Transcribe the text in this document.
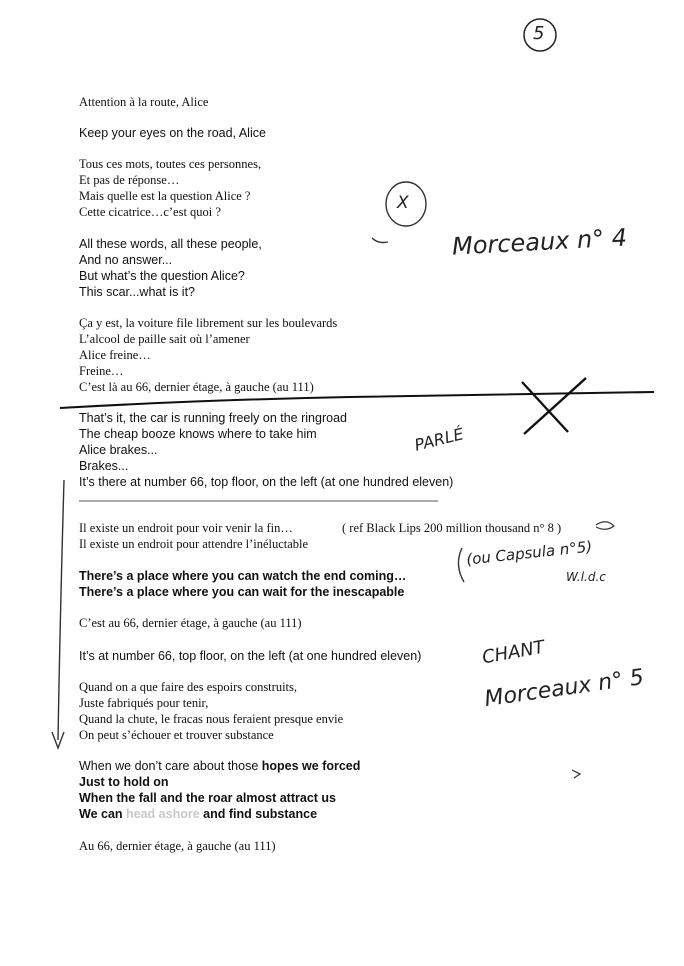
5
X
Morceaux n° 4
PARLÉ
(ou Capsula n°5)
W.l.d.c
CHANT
Morceaux n° 5
Attention à la route, Alice
Keep your eyes on the road, Alice
Tous ces mots, toutes ces personnes,
Et pas de réponse…
Mais quelle est la question Alice ?
Cette cicatrice…c’est quoi ?
All these words, all these people,
And no answer...
But what’s the question Alice?
This scar...what is it?
Ça y est, la voiture file librement sur les boulevards
L’alcool de paille sait où l’amener
Alice freine…
Freine…
C’est là au 66, dernier étage, à gauche (au 111)
That’s it, the car is running freely on the ringroad
The cheap booze knows where to take him
Alice brakes...
Brakes...
It’s there at number 66, top floor, on the left (at one hundred eleven)
Il existe un endroit pour voir venir la fin…	( ref Black Lips 200 million thousand n° 8 )
Il existe un endroit pour attendre l’inéluctable
There’s a place where you can watch the end coming…
There’s a place where you can wait for the inescapable
C’est au 66, dernier étage, à gauche (au 111)
It’s at number 66, top floor, on the left (at one hundred eleven)
Quand on a que faire des espoirs construits,
Juste fabriqués pour tenir,
Quand la chute, le fracas nous feraient presque envie
On peut s’échouer et trouver substance
When we don’t care about those hopes we forced
Just to hold on
When the fall and the roar almost attract us
We can head ashore and find substance
Au 66, dernier étage, à gauche (au 111)
